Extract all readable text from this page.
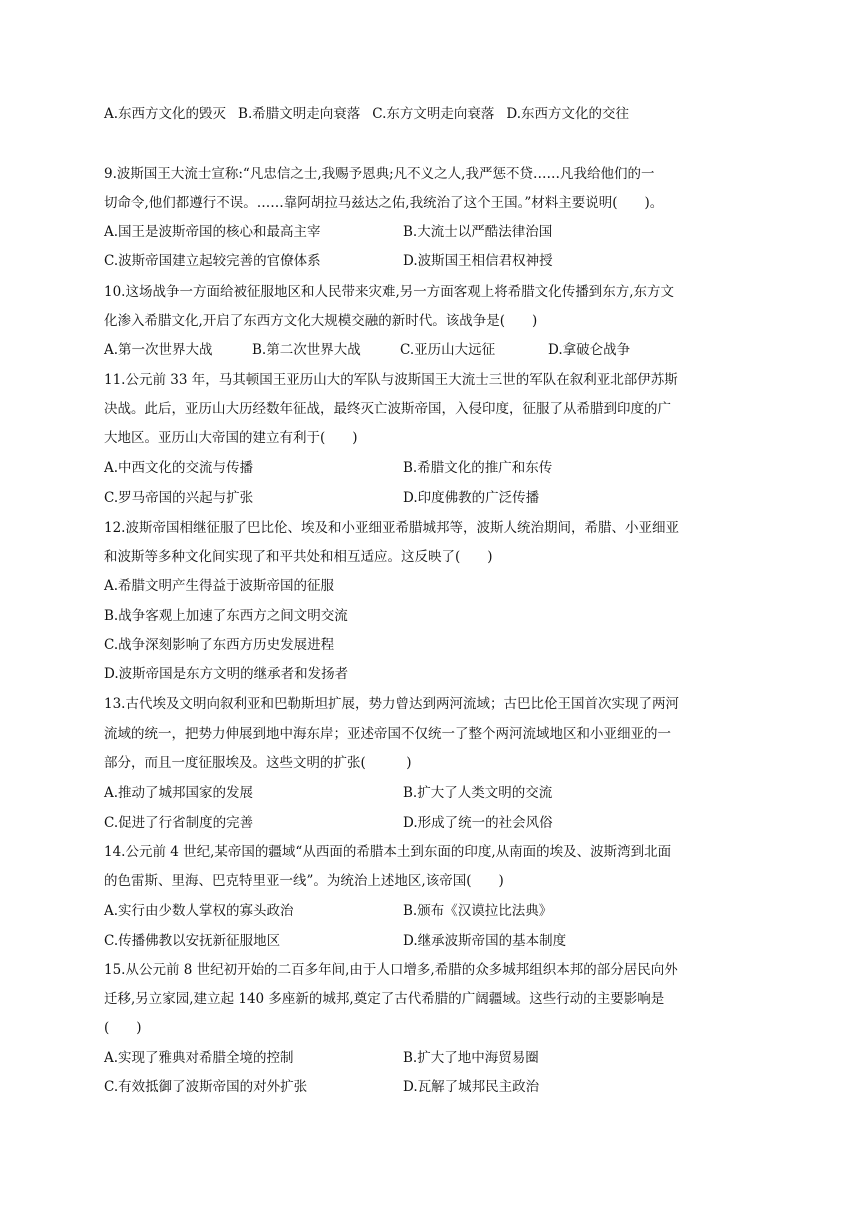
A.东西方文化的毁灭 B.希腊文明走向衰落 C.东方文明走向衰落 D.东西方文化的交往
9.波斯国王大流士宣称:“凡忠信之士,我赐予恩典;凡不义之人,我严惩不贷……凡我给他们的一
切命令,他们都遵行不误。……靠阿胡拉马兹达之佑,我统治了这个王国。”材料主要说明(　　)。
A.国王是波斯帝国的核心和最高主宰	B.大流士以严酷法律治国
C.波斯帝国建立起较完善的官僚体系	D.波斯国王相信君权神授
10.这场战争一方面给被征服地区和人民带来灾难,另一方面客观上将希腊文化传播到东方,东方文
化渗入希腊文化,开启了东西方文化大规模交融的新时代。该战争是(　　)
A.第一次世界大战	B.第二次世界大战	C.亚历山大远征	D.拿破仑战争
11.公元前 33 年，马其顿国王亚历山大的军队与波斯国王大流士三世的军队在叙利亚北部伊苏斯
决战。此后，亚历山大历经数年征战，最终灭亡波斯帝国，入侵印度，征服了从希腊到印度的广
大地区。亚历山大帝国的建立有利于(　　)
A.中西文化的交流与传播	B.希腊文化的推广和东传
C.罗马帝国的兴起与扩张	D.印度佛教的广泛传播
12.波斯帝国相继征服了巴比伦、埃及和小亚细亚希腊城邦等，波斯人统治期间，希腊、小亚细亚
和波斯等多种文化间实现了和平共处和相互适应。这反映了(　　)
A.希腊文明产生得益于波斯帝国的征服
B.战争客观上加速了东西方之间文明交流
C.战争深刻影响了东西方历史发展进程
D.波斯帝国是东方文明的继承者和发扬者
13.古代埃及文明向叙利亚和巴勒斯坦扩展，势力曾达到两河流域；古巴比伦王国首次实现了两河
流域的统一，把势力伸展到地中海东岸；亚述帝国不仅统一了整个两河流域地区和小亚细亚的一
部分，而且一度征服埃及。这些文明的扩张(　　　)
A.推动了城邦国家的发展	B.扩大了人类文明的交流
C.促进了行省制度的完善	D.形成了统一的社会风俗
14.公元前 4 世纪,某帝国的疆域“从西面的希腊本土到东面的印度,从南面的埃及、波斯湾到北面
的色雷斯、里海、巴克特里亚一线”。为统治上述地区,该帝国(　　)
A.实行由少数人掌权的寡头政治	B.颁布《汉谟拉比法典》
C.传播佛教以安抚新征服地区	D.继承波斯帝国的基本制度
15.从公元前 8 世纪初开始的二百多年间,由于人口增多,希腊的众多城邦组织本邦的部分居民向外
迁移,另立家园,建立起 140 多座新的城邦,奠定了古代希腊的广阔疆域。这些行动的主要影响是
(　　)
A.实现了雅典对希腊全境的控制	B.扩大了地中海贸易圈
C.有效抵御了波斯帝国的对外扩张	D.瓦解了城邦民主政治
